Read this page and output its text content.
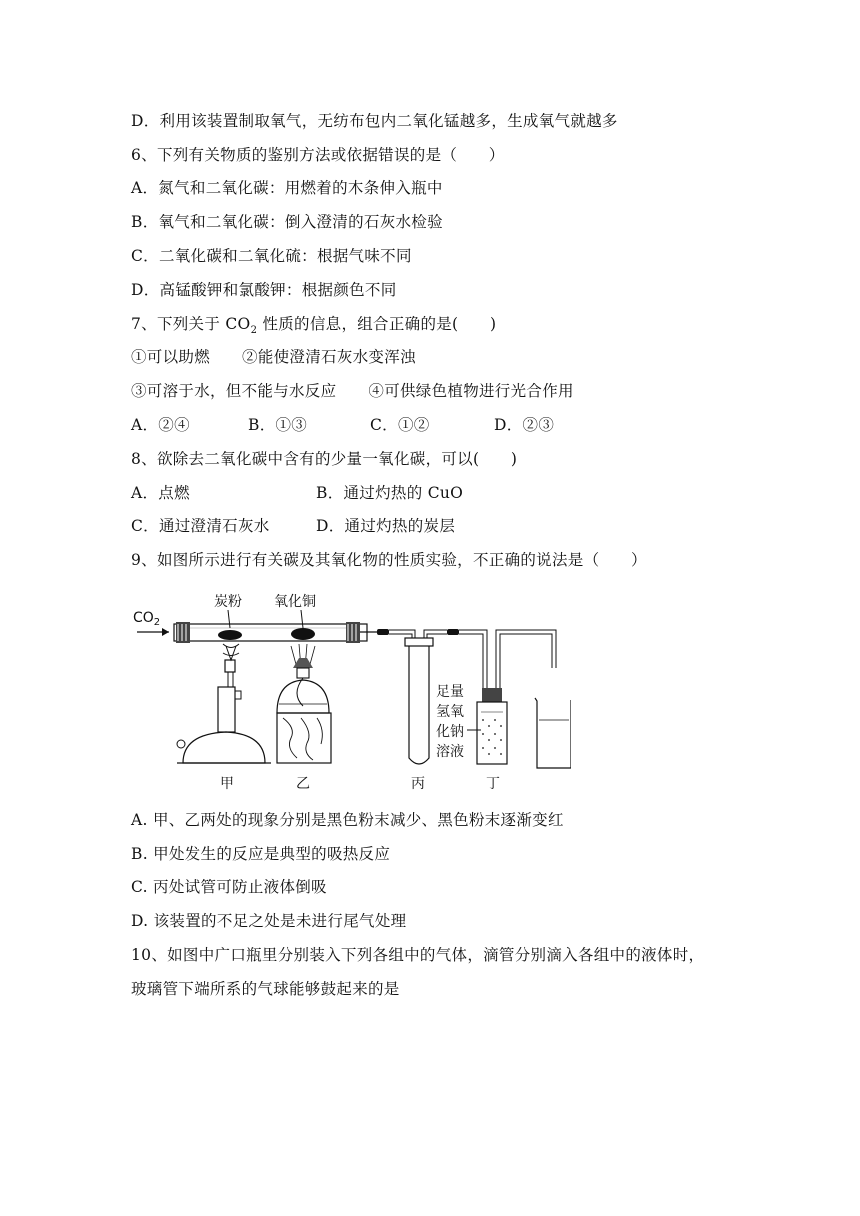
D．利用该装置制取氧气，无纺布包内二氧化锰越多，生成氧气就越多
6、下列有关物质的鉴别方法或依据错误的是（　　）
A．氮气和二氧化碳：用燃着的木条伸入瓶中
B．氧气和二氧化碳：倒入澄清的石灰水检验
C．二氧化碳和二氧化硫：根据气味不同
D．高锰酸钾和氯酸钾：根据颜色不同
7、下列关于 $CO_2$ 性质的信息，组合正确的是(　　)
①可以助燃 ②能使澄清石灰水变浑浊
③可溶于水，但不能与水反应 ④可供绿色植物进行光合作用
A．②④	B．①③	C．①②	D．②③
8、欲除去二氧化碳中含有的少量一氧化碳，可以(　　)
A．点燃	B．通过灼热的 CuO
C．通过澄清石灰水	D．通过灼热的炭层
9、如图所示进行有关碳及其氧化物的性质实验，不正确的说法是（　　）
$CO_2$
炭粉 氧化铜
甲	乙
足量
氢氧
化钠
溶液
丁
丙
A. 甲、乙两处的现象分别是黑色粉末减少、黑色粉末逐渐变红
B. 甲处发生的反应是典型的吸热反应
C. 丙处试管可防止液体倒吸
D. 该装置的不足之处是未进行尾气处理
10、如图中广口瓶里分别装入下列各组中的气体，滴管分别滴入各组中的液体时，
玻璃管下端所系的气球能够鼓起来的是
